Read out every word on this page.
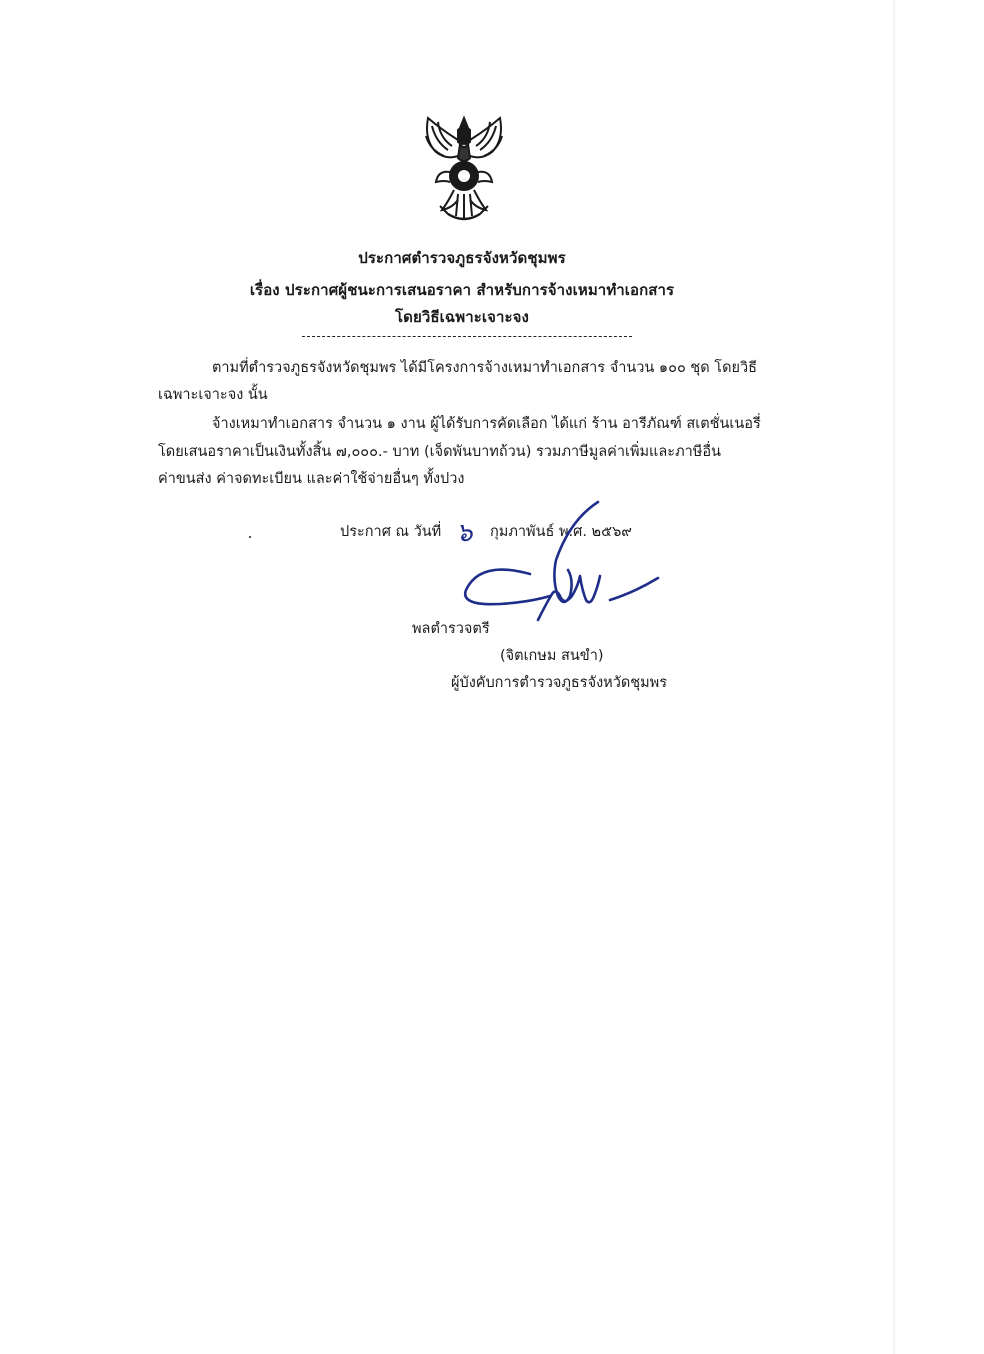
ประกาศตำรวจภูธรจังหวัดชุมพร
เรื่อง ประกาศผู้ชนะการเสนอราคา สำหรับการจ้างเหมาทำเอกสาร
โดยวิธีเฉพาะเจาะจง
ตามที่ตำรวจภูธรจังหวัดชุมพร ได้มีโครงการจ้างเหมาทำเอกสาร จำนวน ๑๐๐ ชุด โดยวิธี
เฉพาะเจาะจง นั้น
จ้างเหมาทำเอกสาร จำนวน ๑ งาน ผู้ได้รับการคัดเลือก ได้แก่ ร้าน อารีภัณฑ์ สเตชั่นเนอรี่
โดยเสนอราคาเป็นเงินทั้งสิ้น ๗,๐๐๐.- บาท (เจ็ดพันบาทถ้วน) รวมภาษีมูลค่าเพิ่มและภาษีอื่น
ค่าขนส่ง ค่าจดทะเบียน และค่าใช้จ่ายอื่นๆ ทั้งปวง
ประกาศ ณ วันที่ ๖ กุมภาพันธ์ พ.ศ. ๒๕๖๙
พลตำรวจตรี
(จิตเกษม สนขำ)
ผู้บังคับการตำรวจภูธรจังหวัดชุมพร
